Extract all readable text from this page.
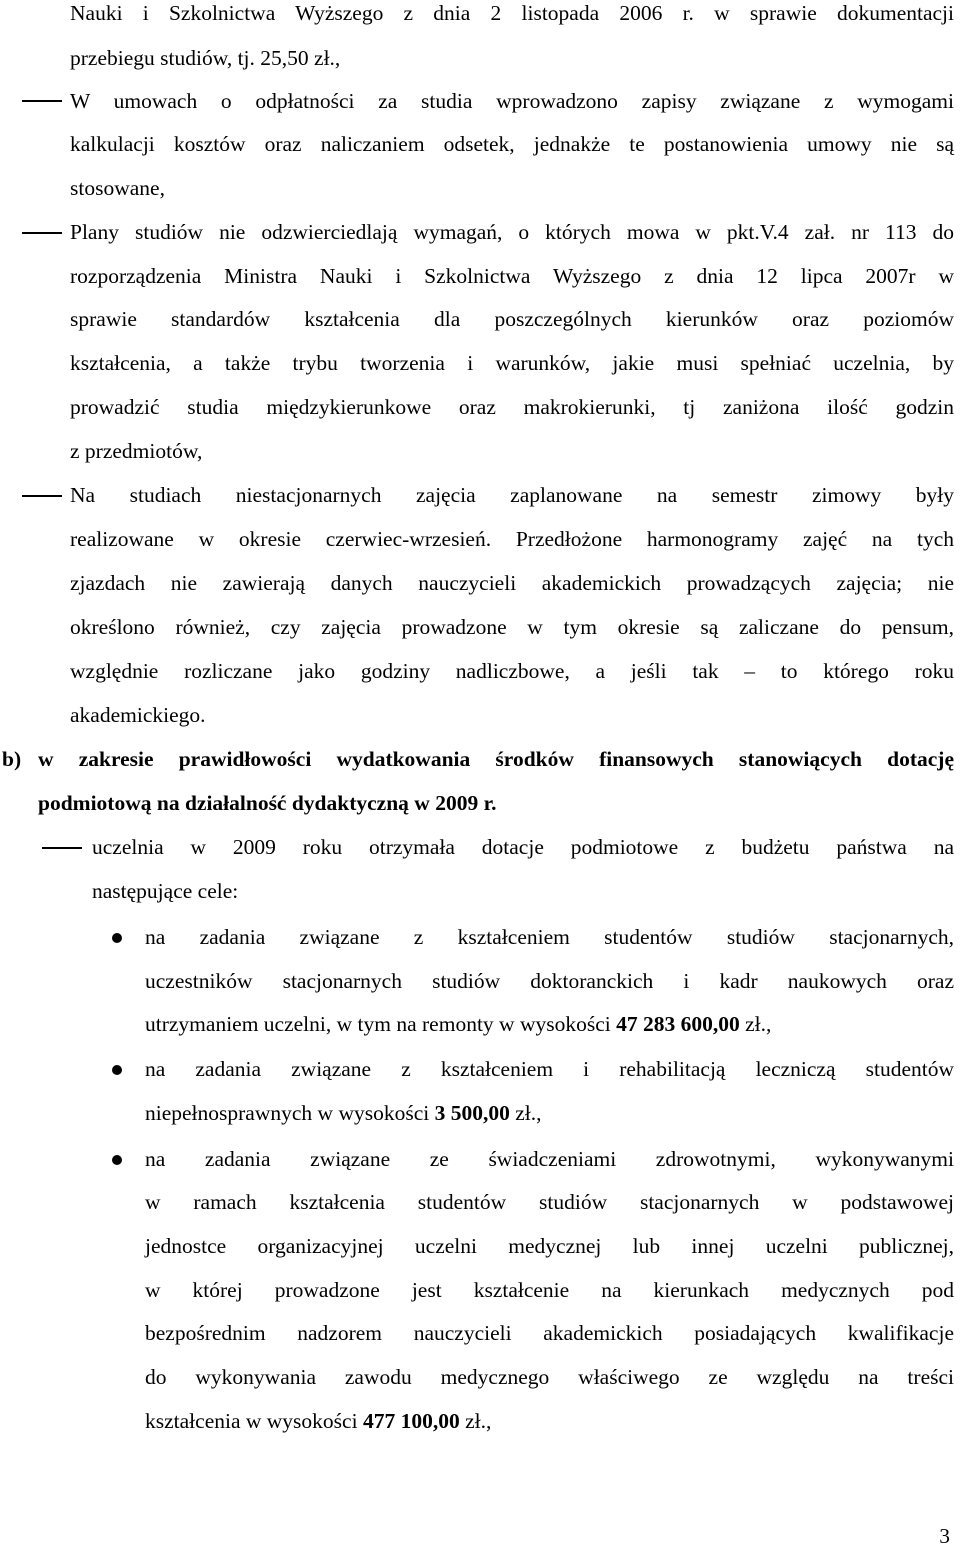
Nauki i Szkolnictwa Wyższego z dnia 2 listopada 2006 r. w sprawie dokumentacji
przebiegu studiów, tj. 25,50 zł.,
W umowach o odpłatności za studia wprowadzono zapisy związane z wymogami
kalkulacji kosztów oraz naliczaniem odsetek, jednakże te postanowienia umowy nie są
stosowane,
Plany studiów nie odzwierciedlają wymagań, o których mowa w pkt.V.4 zał. nr 113 do
rozporządzenia Ministra Nauki i Szkolnictwa Wyższego z dnia 12 lipca 2007r w
sprawie standardów kształcenia dla poszczególnych kierunków oraz poziomów
kształcenia, a także trybu tworzenia i warunków, jakie musi spełniać uczelnia, by
prowadzić studia międzykierunkowe oraz makrokierunki, tj zaniżona ilość godzin
z przedmiotów,
Na studiach niestacjonarnych zajęcia zaplanowane na semestr zimowy były
realizowane w okresie czerwiec-wrzesień. Przedłożone harmonogramy zajęć na tych
zjazdach nie zawierają danych nauczycieli akademickich prowadzących zajęcia; nie
określono również, czy zajęcia prowadzone w tym okresie są zaliczane do pensum,
względnie rozliczane jako godziny nadliczbowe, a jeśli tak – to którego roku
akademickiego.
b) w zakresie prawidłowości wydatkowania środków finansowych stanowiących dotację
podmiotową na działalność dydaktyczną w 2009 r.
uczelnia w 2009 roku otrzymała dotacje podmiotowe z budżetu państwa na
następujące cele:
na zadania związane z kształceniem studentów studiów stacjonarnych,
uczestników stacjonarnych studiów doktoranckich i kadr naukowych oraz
utrzymaniem uczelni, w tym na remonty w wysokości 47 283 600,00 zł.,
na zadania związane z kształceniem i rehabilitacją leczniczą studentów
niepełnosprawnych w wysokości 3 500,00 zł.,
na zadania związane ze świadczeniami zdrowotnymi, wykonywanymi
w ramach kształcenia studentów studiów stacjonarnych w podstawowej
jednostce organizacyjnej uczelni medycznej lub innej uczelni publicznej,
w której prowadzone jest kształcenie na kierunkach medycznych pod
bezpośrednim nadzorem nauczycieli akademickich posiadających kwalifikacje
do wykonywania zawodu medycznego właściwego ze względu na treści
kształcenia w wysokości 477 100,00 zł.,
3
